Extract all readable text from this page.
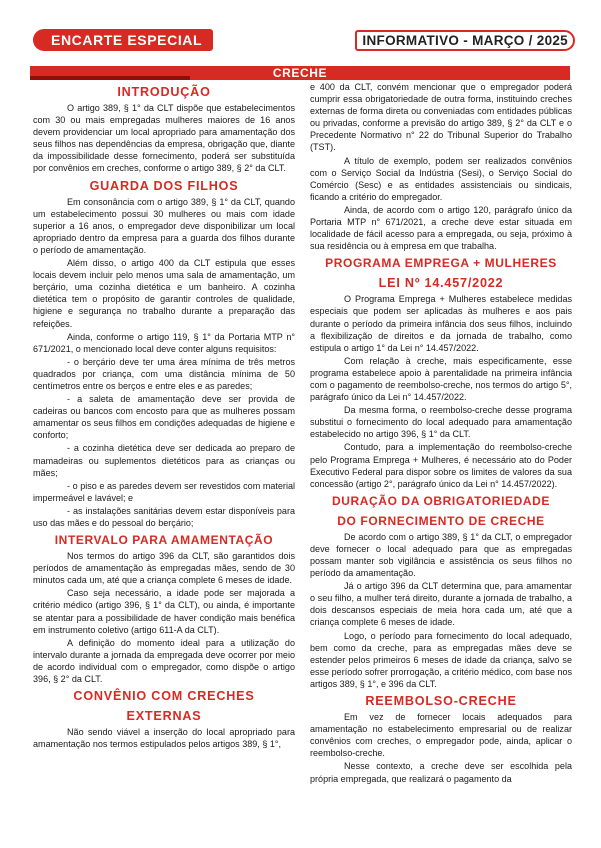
ENCARTE ESPECIAL	INFORMATIVO - MARÇO / 2025
CRECHE
INTRODUÇÃO

O artigo 389, § 1° da CLT dispõe que estabelecimentos com 30 ou mais empregadas mulheres maiores de 16 anos devem providenciar um local apropriado para amamentação dos seus filhos nas dependências da empresa, obrigação que, diante da impossibilidade desse fornecimento, poderá ser substituída por convênios em creches, conforme o artigo 389, § 2° da CLT.

GUARDA DOS FILHOS

Em consonância com o artigo 389, § 1° da CLT, quando um estabelecimento possui 30 mulheres ou mais com idade superior a 16 anos, o empregador deve disponibilizar um local apropriado dentro da empresa para a guarda dos filhos durante o período de amamentação.

Além disso, o artigo 400 da CLT estipula que esses locais devem incluir pelo menos uma sala de amamentação, um berçário, uma cozinha dietética e um banheiro. A cozinha dietética tem o propósito de garantir controles de qualidade, higiene e segurança no trabalho durante a preparação das refeições.

Ainda, conforme o artigo 119, § 1° da Portaria MTP n° 671/2021, o mencionado local deve conter alguns requisitos:

- o berçário deve ter uma área mínima de três metros quadrados por criança, com uma distância mínima de 50 centímetros entre os berços e entre eles e as paredes;

- a saleta de amamentação deve ser provida de cadeiras ou bancos com encosto para que as mulheres possam amamentar os seus filhos em condições adequadas de higiene e conforto;

- a cozinha dietética deve ser dedicada ao preparo de mamadeiras ou suplementos dietéticos para as crianças ou mães;

- o piso e as paredes devem ser revestidos com material impermeável e lavável; e

- as instalações sanitárias devem estar disponíveis para uso das mães e do pessoal do berçário;

INTERVALO PARA AMAMENTAÇÃO

Nos termos do artigo 396 da CLT, são garantidos dois períodos de amamentação às empregadas mães, sendo de 30 minutos cada um, até que a criança complete 6 meses de idade.

Caso seja necessário, a idade pode ser majorada a critério médico (artigo 396, § 1° da CLT), ou ainda, é importante se atentar para a possibilidade de haver condição mais benéfica em instrumento coletivo (artigo 611-A da CLT).

A definição do momento ideal para a utilização do intervalo durante a jornada da empregada deve ocorrer por meio de acordo individual com o empregador, como dispõe o artigo 396, § 2° da CLT.

CONVÊNIO COM CRECHES
EXTERNAS

Não sendo viável a inserção do local apropriado para amamentação nos termos estipulados pelos artigos 389, § 1°,

e 400 da CLT, convém mencionar que o empregador poderá cumprir essa obrigatoriedade de outra forma, instituindo creches externas de forma direta ou conveniadas com entidades públicas ou privadas, conforme a previsão do artigo 389, § 2° da CLT e o Precedente Normativo n° 22 do Tribunal Superior do Trabalho (TST).

A título de exemplo, podem ser realizados convênios com o Serviço Social da Indústria (Sesi), o Serviço Social do Comércio (Sesc) e as entidades assistenciais ou sindicais, ficando a critério do empregador.

Ainda, de acordo com o artigo 120, parágrafo único da Portaria MTP n° 671/2021, a creche deve estar situada em localidade de fácil acesso para a empregada, ou seja, próximo à sua residência ou à empresa em que trabalha.

PROGRAMA EMPREGA + MULHERES
LEI Nº 14.457/2022

O Programa Emprega + Mulheres estabelece medidas especiais que podem ser aplicadas às mulheres e aos pais durante o período da primeira infância dos seus filhos, incluindo a flexibilização de direitos e da jornada de trabalho, como estipula o artigo 1° da Lei n° 14.457/2022.

Com relação à creche, mais especificamente, esse programa estabelece apoio à parentalidade na primeira infância com o pagamento de reembolso-creche, nos termos do artigo 5°, parágrafo único da Lei n° 14.457/2022.

Da mesma forma, o reembolso-creche desse programa substitui o fornecimento do local adequado para amamentação estabelecido no artigo 396, § 1° da CLT.

Contudo, para a implementação do reembolso-creche pelo Programa Emprega + Mulheres, é necessário ato do Poder Executivo Federal para dispor sobre os limites de valores da sua concessão (artigo 2°, parágrafo único da Lei n° 14.457/2022).

DURAÇÃO DA OBRIGATORIEDADE
DO FORNECIMENTO DE CRECHE

De acordo com o artigo 389, § 1° da CLT, o empregador deve fornecer o local adequado para que as empregadas possam manter sob vigilância e assistência os seus filhos no período da amamentação.

Já o artigo 396 da CLT determina que, para amamentar o seu filho, a mulher terá direito, durante a jornada de trabalho, a dois descansos especiais de meia hora cada um, até que a criança complete 6 meses de idade.

Logo, o período para fornecimento do local adequado, bem como da creche, para as empregadas mães deve se estender pelos primeiros 6 meses de idade da criança, salvo se esse período sofrer prorrogação, a critério médico, com base nos artigos 389, § 1°, e 396 da CLT.

REEMBOLSO-CRECHE

Em vez de fornecer locais adequados para amamentação no estabelecimento empresarial ou de realizar convênios com creches, o empregador pode, ainda, aplicar o reembolso-creche.

Nesse contexto, a creche deve ser escolhida pela própria empregada, que realizará o pagamento da
